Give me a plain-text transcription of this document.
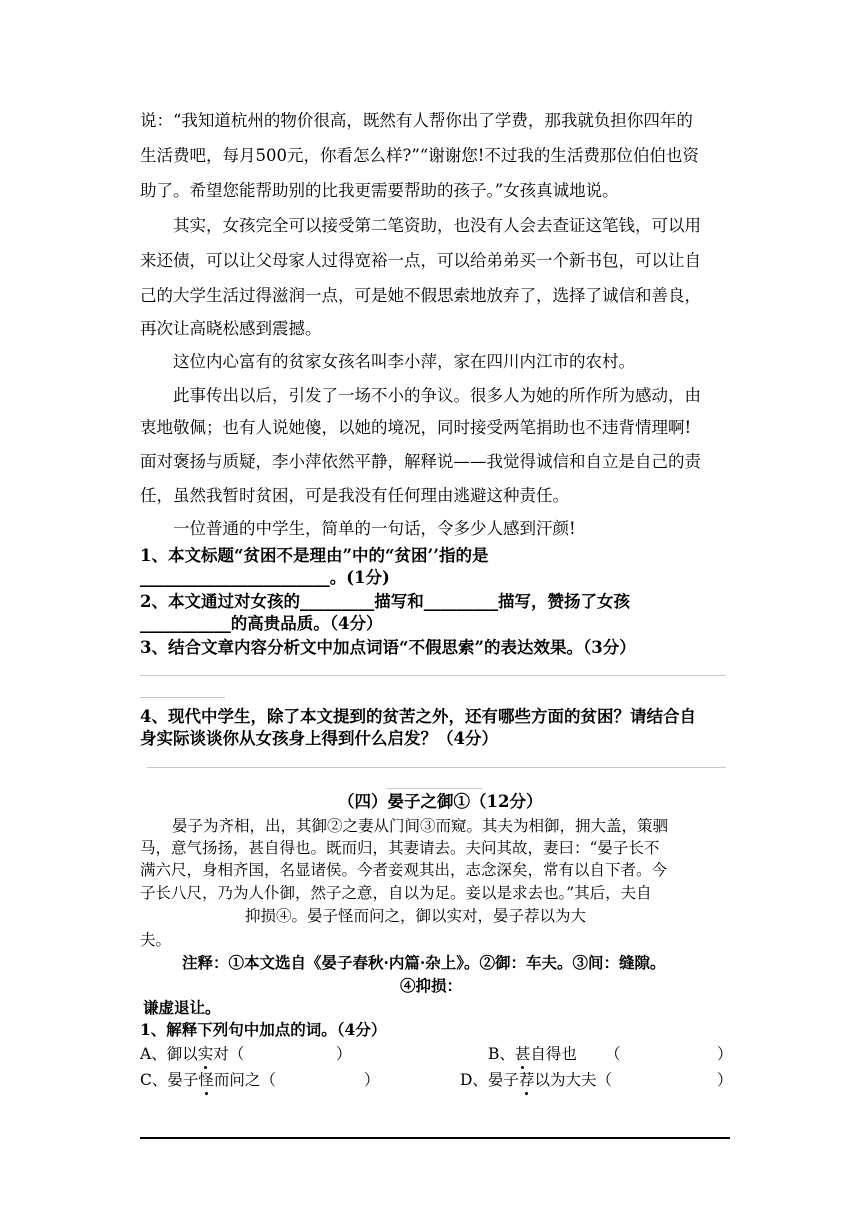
说：“我知道杭州的物价很高，既然有人帮你出了学费，那我就负担你四年的
生活费吧，每月500元，你看怎么样?”“谢谢您!不过我的生活费那位伯伯也资
助了。希望您能帮助别的比我更需要帮助的孩子。”女孩真诚地说。
其实，女孩完全可以接受第二笔资助，也没有人会去查证这笔钱，可以用
来还债，可以让父母家人过得宽裕一点，可以给弟弟买一个新书包，可以让自
己的大学生活过得滋润一点，可是她不假思索地放弃了，选择了诚信和善良，
再次让高晓松感到震撼。
这位内心富有的贫家女孩名叫李小萍，家在四川内江市的农村。
此事传出以后，引发了一场不小的争议。很多人为她的所作所为感动，由
衷地敬佩；也有人说她傻，以她的境况，同时接受两笔捐助也不违背情理啊!
面对褒扬与质疑，李小萍依然平静，解释说——我觉得诚信和自立是自己的责
任，虽然我暂时贫困，可是我没有任何理由逃避这种责任。
一位普通的中学生，简单的一句话，令多少人感到汗颜!
1、本文标题“贫困不是理由”中的“贫困’’指的是
_______________________。(1分)
2、本文通过对女孩的_________描写和_________描写，赞扬了女孩
___________的高贵品质。（4分）
3、结合文章内容分析文中加点词语“不假思索”的表达效果。（3分）
4、现代中学生，除了本文提到的贫苦之外，还有哪些方面的贫困？请结合自
身实际谈谈你从女孩身上得到什么启发？（4分）
（四）晏子之御①（12分）
晏子为齐相，出，其御②之妻从门间③而窥。其夫为相御，拥大盖，策驷
马，意气扬扬，甚自得也。既而归，其妻请去。夫问其故，妻曰：“晏子长不
满六尺，身相齐国，名显诸侯。今者妾观其出，志念深矣，常有以自下者。今
子长八尺，乃为人仆御，然子之意，自以为足。妾以是求去也。”其后，夫自
抑损④。晏子怪而问之，御以实对，晏子荐以为大
夫。
注释：①本文选自《晏子春秋·内篇·杂上》。②御：车夫。③间：缝隙。
④抑损：
谦虚退让。
1、解释下列句中加点的词。（4分）
A、御以实对（	）	B、甚自得也 （	）
C、晏子怪而问之（	）	D、晏子荐以为大夫（	）
